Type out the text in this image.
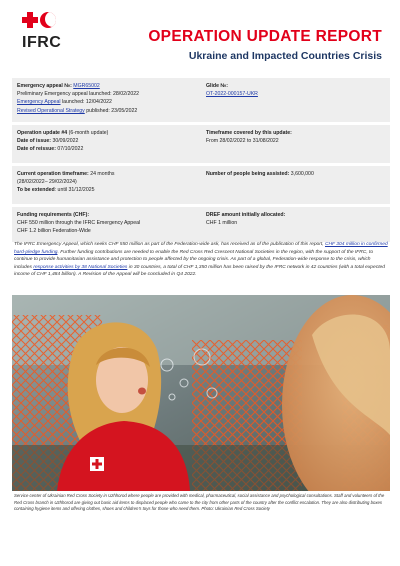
IFRC	OPERATION UPDATE REPORT
Ukraine and Impacted Countries Crisis
Emergency appeal №: MGR65002
Preliminary Emergency appeal launched: 28/02/2022
Emergency Appeal launched: 12/04/2022
Revised Operational Strategy published: 23/05/2022
Glide №:
OT-2022-000157-UKR
Operation update #4 (6-month update)
Date of issue: 30/09/2022
Date of reissue: 07/10/2022
Timeframe covered by this update:
From 28/02/2022 to 31/08/2022
Current operation timeframe: 24 months
(28/02/2022– 29/02/2024)
To be extended: until 31/12/2025
Number of people being assisted: 3,600,000
Funding requirements (CHF):
CHF 550 million through the IFRC Emergency Appeal
CHF 1.2 billion Federation-Wide
DREF amount initially allocated:
CHF 1 million

The IFRC Emergency Appeal, which seeks CHF 550 million as part of the Federation-wide ask, has received as of the publication of this report, CHF 304 million in confirmed hard-pledge funding. Further funding contributions are needed to enable the Red Cross Red Crescent National Societies in the region, with the support of the IFRC, to continue to provide humanitarian assistance and protection to people affected by the ongoing crisis. As part of a global, Federation-wide response to the crisis, which includes response activities by 38 National Societies in 30 countries, a total of CHF 1,350 million has been raised by the IFRC network in 42 countries (with a total expected income of CHF 1,484 billion). A Revision of the Appeal will be concluded in Q4 2022.

Service center of Ukrainian Red Cross Society in Uzhhorod where people are provided with medical, pharmaceutical, social assistance and psychological consultations. Staff and volunteers of the Red Cross branch in Uzhhorod are giving out basic aid items to displaced people who came to the city from other parts of the country after the conflict escalation. They are also distributing boxes containing hygiene items and offering clothes, shoes and children's toys for those who need them. Photo: Ukrainian Red Cross Society
